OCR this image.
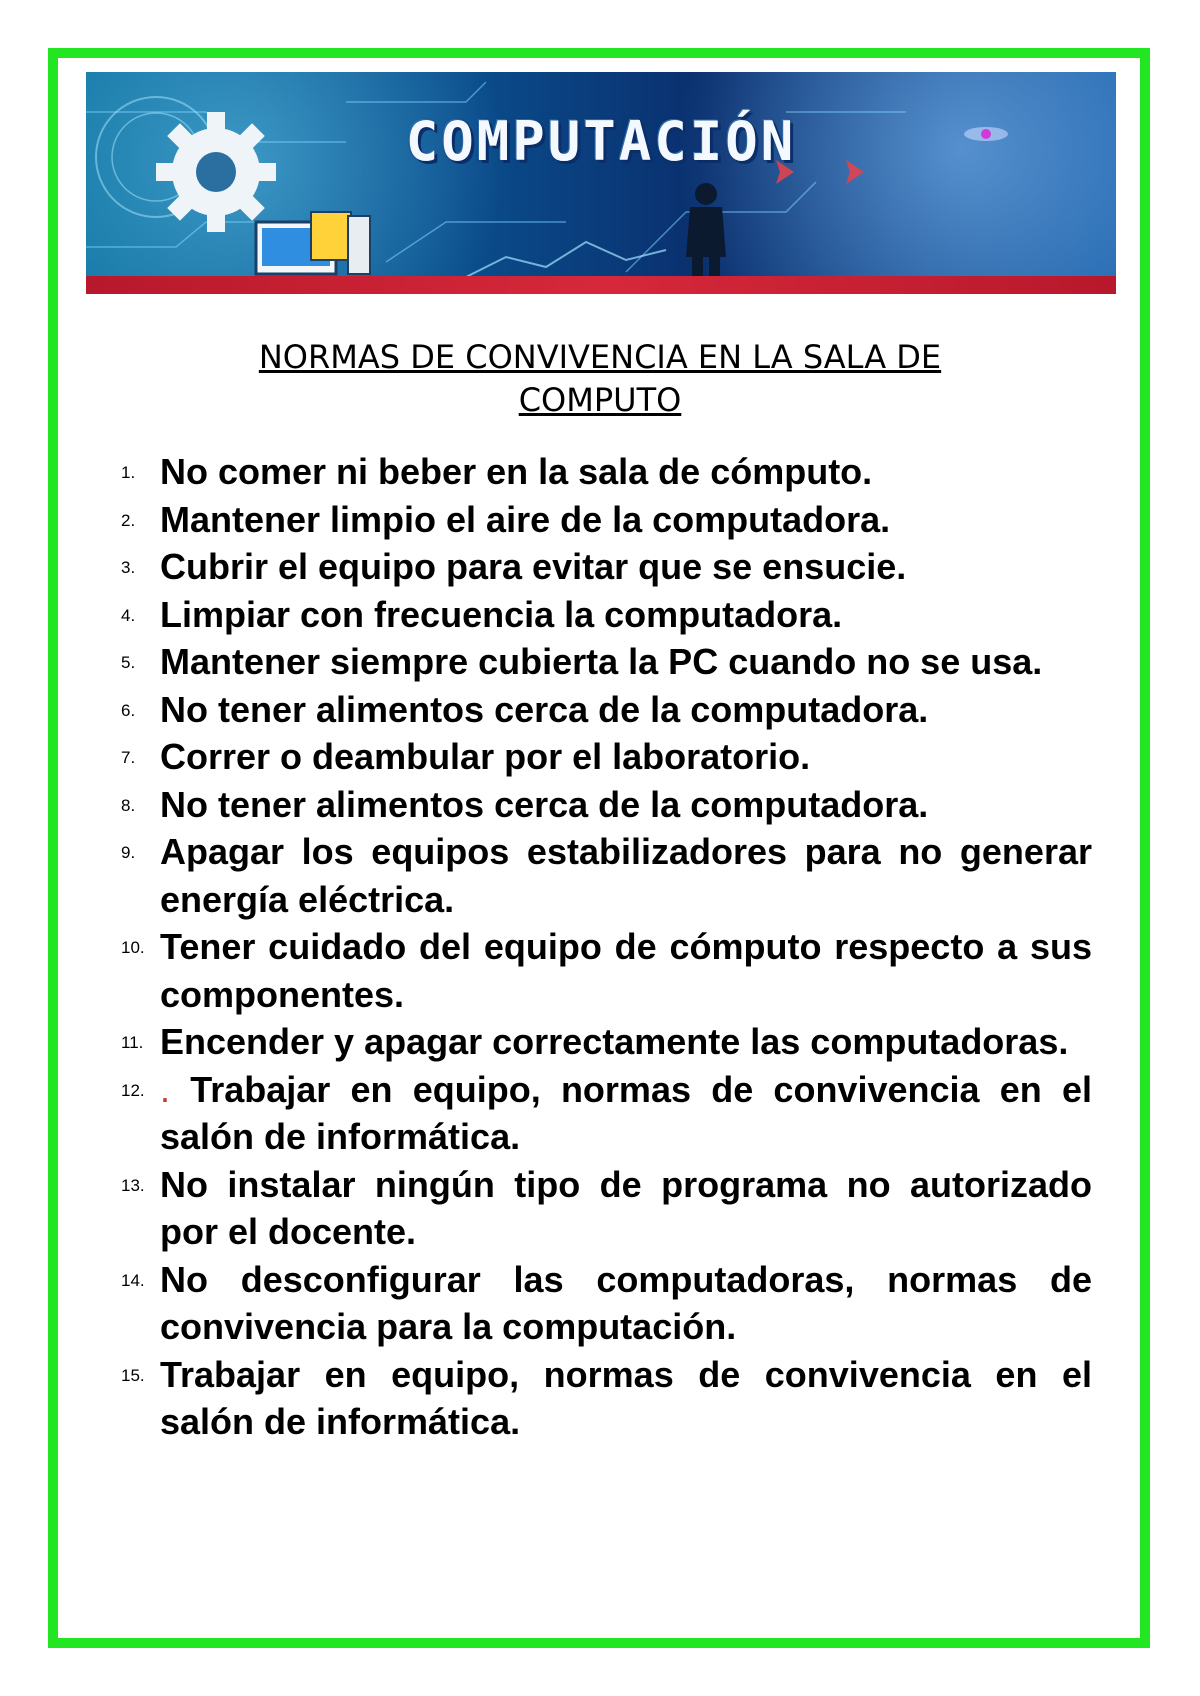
COMPUTACIÓN
NORMAS DE CONVIVENCIA EN LA SALA DE
COMPUTO
1. No comer ni beber en la sala de cómputo.
2. Mantener limpio el aire de la computadora.
3. Cubrir el equipo para evitar que se ensucie.
4. Limpiar con frecuencia la computadora.
5. Mantener siempre cubierta la PC cuando no se usa.
6. No tener alimentos cerca de la computadora.
7. Correr o deambular por el laboratorio.
8. No tener alimentos cerca de la computadora.
9. Apagar los equipos estabilizadores para no generar energía eléctrica.
10. Tener cuidado del equipo de cómputo respecto a sus componentes.
11. Encender y apagar correctamente las computadoras.
12. . Trabajar en equipo, normas de convivencia en el salón de informática.
13. No instalar ningún tipo de programa no autorizado por el docente.
14. No desconfigurar las computadoras, normas de convivencia para la computación.
15. Trabajar en equipo, normas de convivencia en el salón de informática.
